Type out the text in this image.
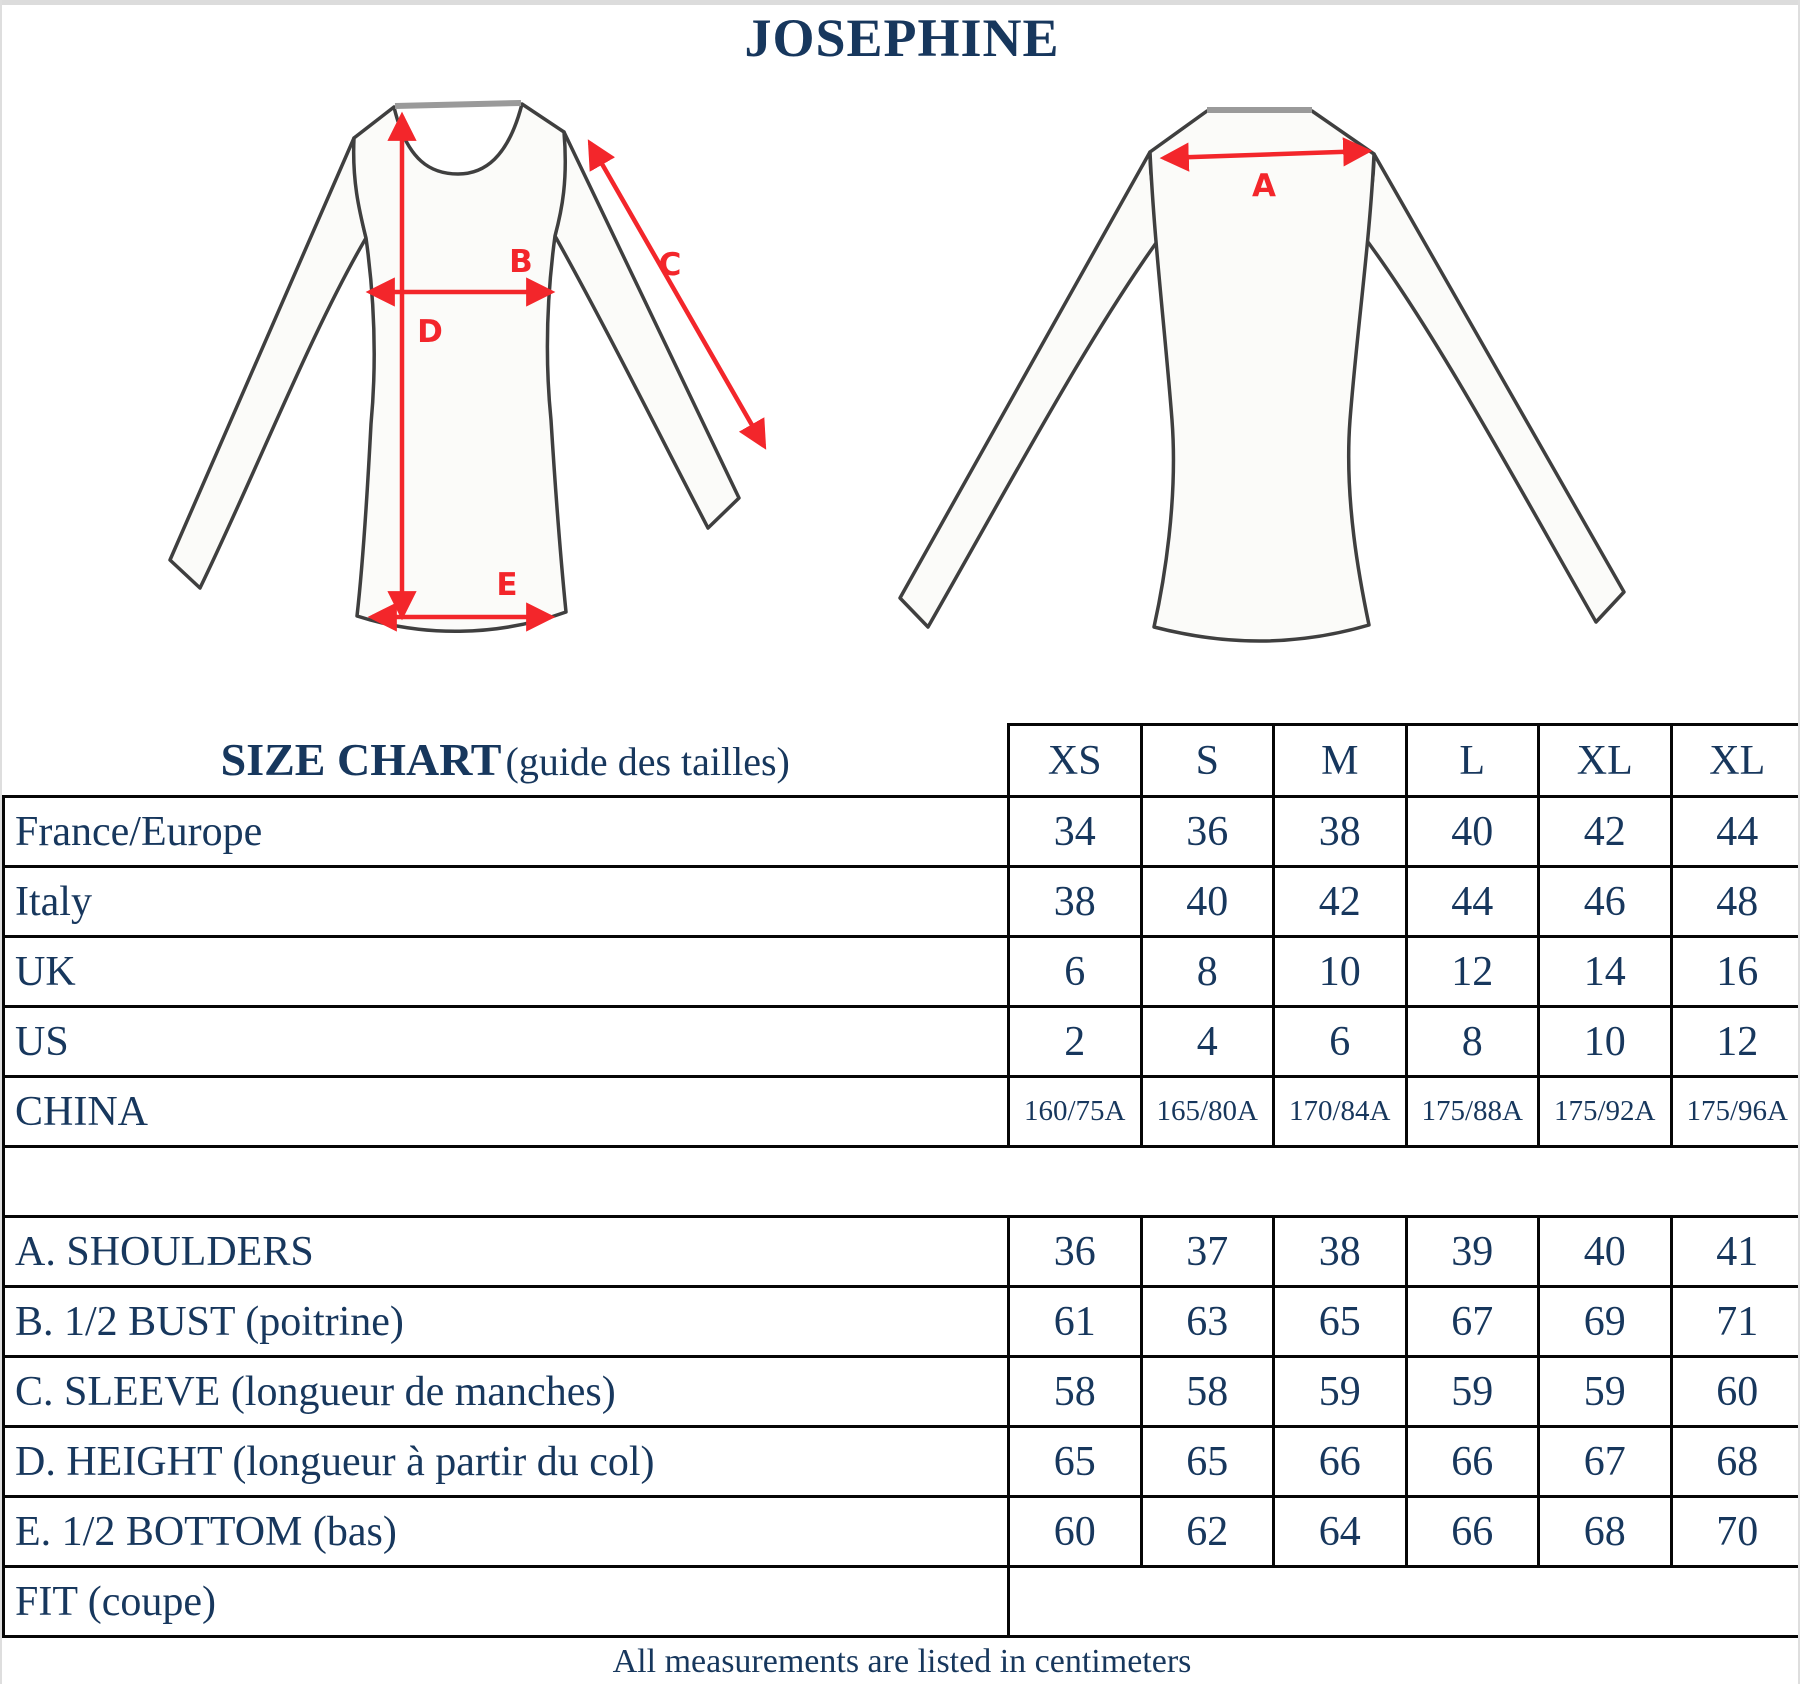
JOSEPHINE
B
D
C
E
A
SIZE CHART (guide des tailles)	XS	S	M	L	XL	XL
France/Europe	34	36	38	40	42	44
Italy	38	40	42	44	46	48
UK	6	8	10	12	14	16
US	2	4	6	8	10	12
CHINA	160/75A	165/80A	170/84A	175/88A	175/92A	175/96A

A. SHOULDERS	36	37	38	39	40	41
B. 1/2 BUST (poitrine)	61	63	65	67	69	71
C. SLEEVE (longueur de manches)	58	58	59	59	59	60
D. HEIGHT (longueur à partir du col)	65	65	66	66	67	68
E. 1/2 BOTTOM (bas)	60	62	64	66	68	70
FIT (coupe)						
All measurements are listed in centimeters
